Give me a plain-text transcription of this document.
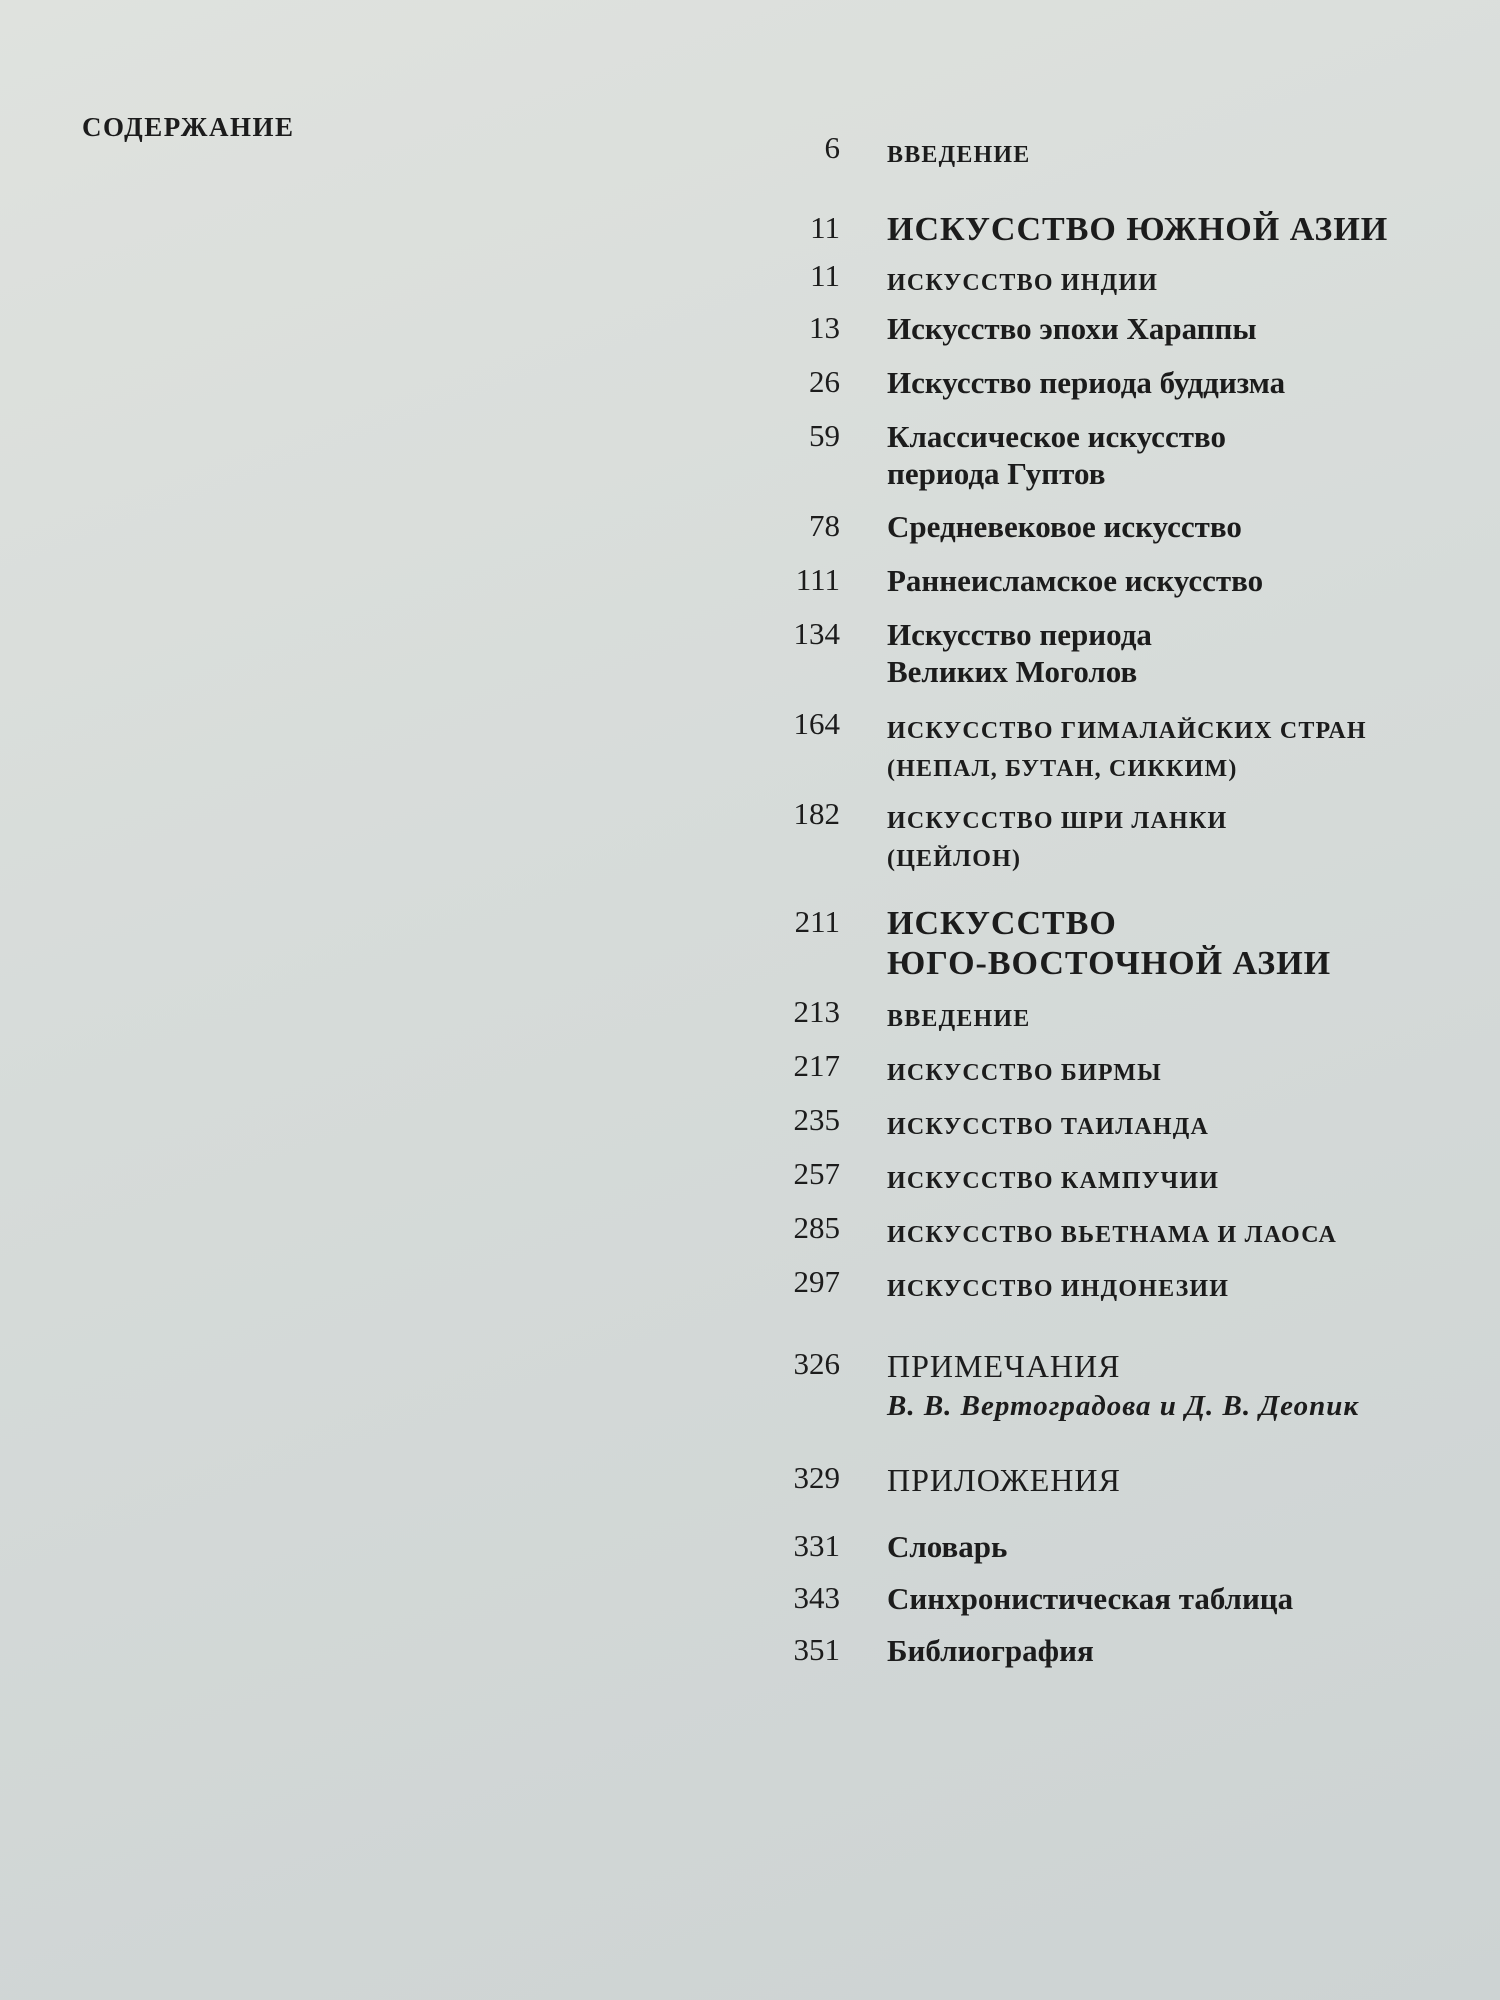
СОДЕРЖАНИЕ
6 ВВЕДЕНИЕ
11 ИСКУССТВО ЮЖНОЙ АЗИИ
11 ИСКУССТВО ИНДИИ
13 Искусство эпохи Хараппы
26 Искусство периода буддизма
59 Классическое искусство
периода Гуптов
78 Средневековое искусство
111 Раннеисламское искусство
134 Искусство периода
Великих Моголов
164 ИСКУССТВО ГИМАЛАЙСКИХ СТРАН
(НЕПАЛ, БУТАН, СИККИМ)
182 ИСКУССТВО ШРИ ЛАНКИ
(ЦЕЙЛОН)
211 ИСКУССТВО
ЮГО-ВОСТОЧНОЙ АЗИИ
213 ВВЕДЕНИЕ
217 ИСКУССТВО БИРМЫ
235 ИСКУССТВО ТАИЛАНДА
257 ИСКУССТВО КАМПУЧИИ
285 ИСКУССТВО ВЬЕТНАМА И ЛАОСА
297 ИСКУССТВО ИНДОНЕЗИИ
326 ПРИМЕЧАНИЯ
В. В. Вертоградова и Д. В. Деопик
329 ПРИЛОЖЕНИЯ
331 Словарь
343 Синхронистическая таблица
351 Библиография
